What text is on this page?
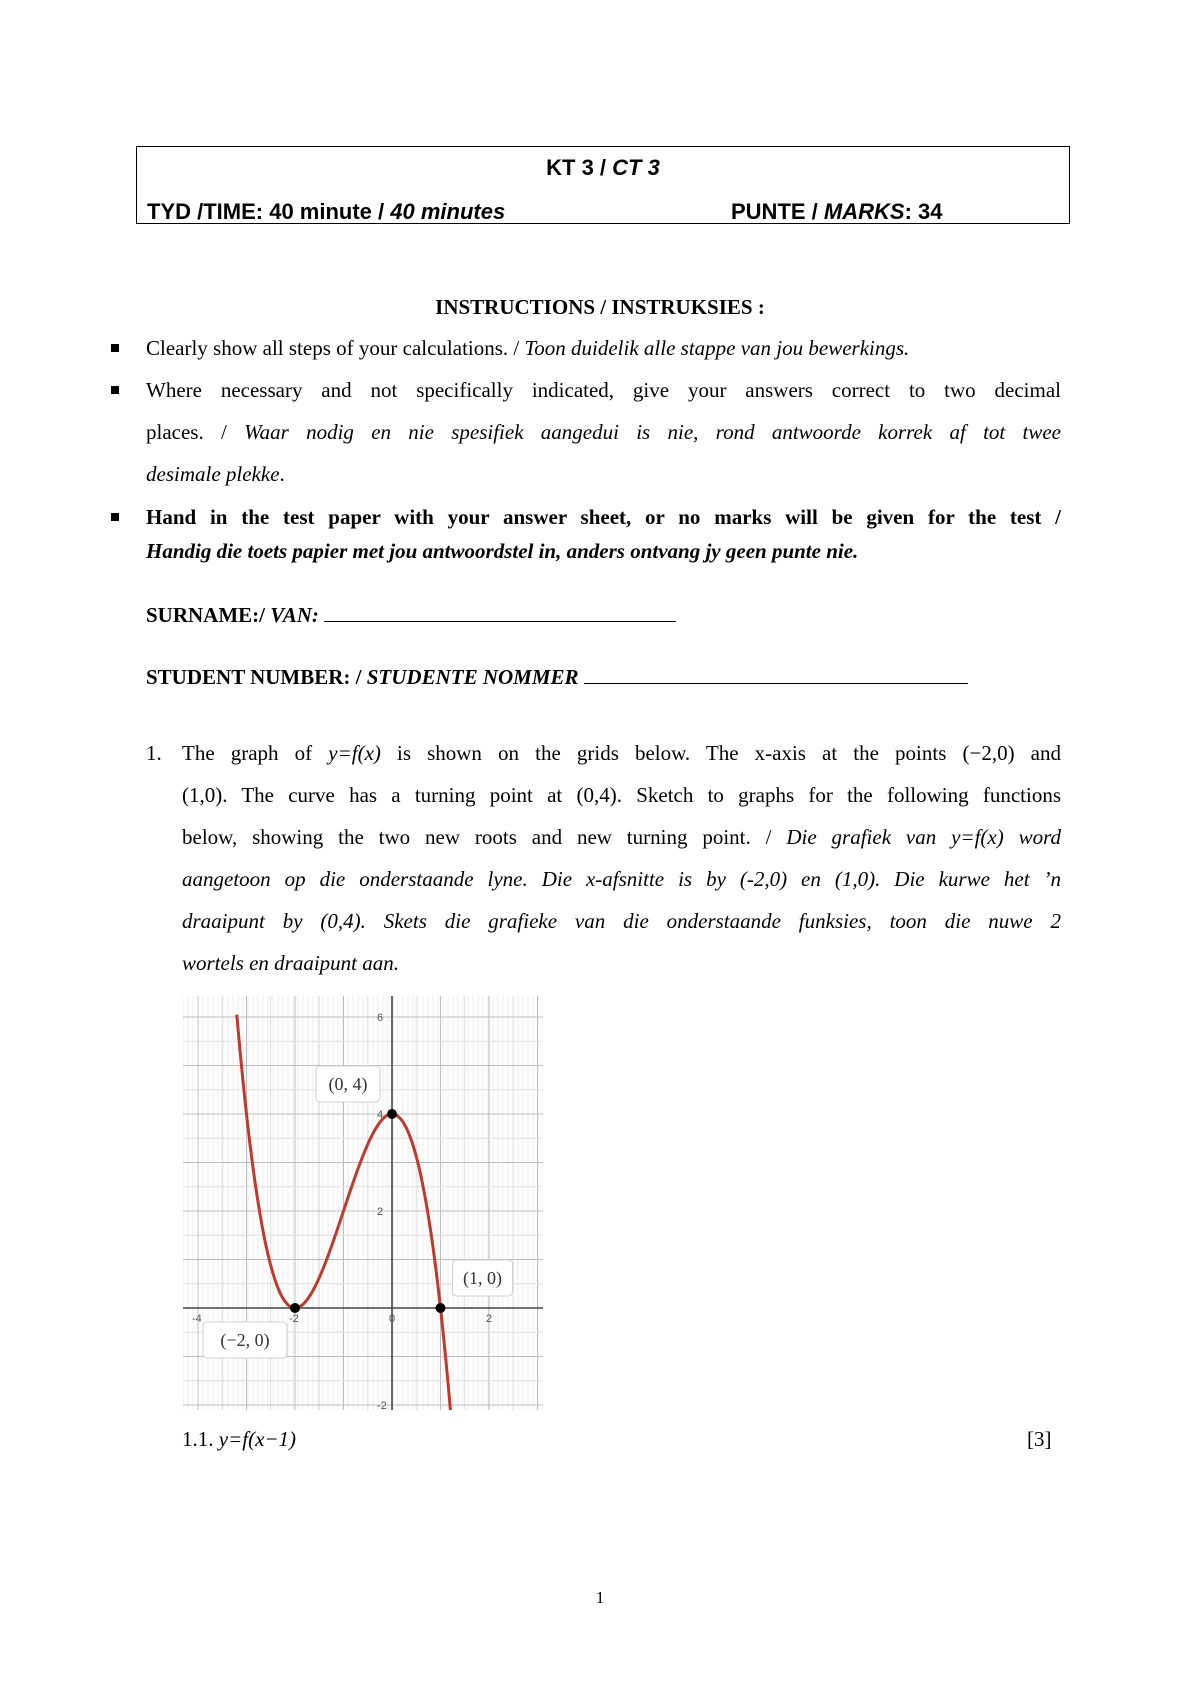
KT 3 / CT 3
TYD /TIME: 40 minute / 40 minutes	PUNTE / MARKS: 34
INSTRUCTIONS / INSTRUKSIES :
Clearly show all steps of your calculations. / Toon duidelik alle stappe van jou bewerkings.
Where necessary and not specifically indicated, give your answers correct to two decimal
places. / Waar nodig en nie spesifiek aangedui is nie, rond antwoorde korrek af tot twee
desimale plekke.
Hand in the test paper with your answer sheet, or no marks will be given for the test /
Handig die toets papier met jou antwoordstel in, anders ontvang jy geen punte nie.
SURNAME:/ VAN:
STUDENT NUMBER: / STUDENTE NOMMER
1. The graph of y=f(x) is shown on the grids below. The x-axis at the points (−2,0) and
(1,0). The curve has a turning point at (0,4). Sketch to graphs for the following functions
below, showing the two new roots and new turning point. / Die grafiek van y=f(x) word
aangetoon op die onderstaande lyne. Die x-afsnitte is by (-2,0) en (1,0). Die kurwe het ’n
draaipunt by (0,4). Skets die grafieke van die onderstaande funksies, toon die nuwe 2
wortels en draaipunt aan.
-4	-2	0	2
6
4
2
-2
(0, 4)
(1, 0)
(−2, 0)
1.1. y=f(x−1)	[3]
1
